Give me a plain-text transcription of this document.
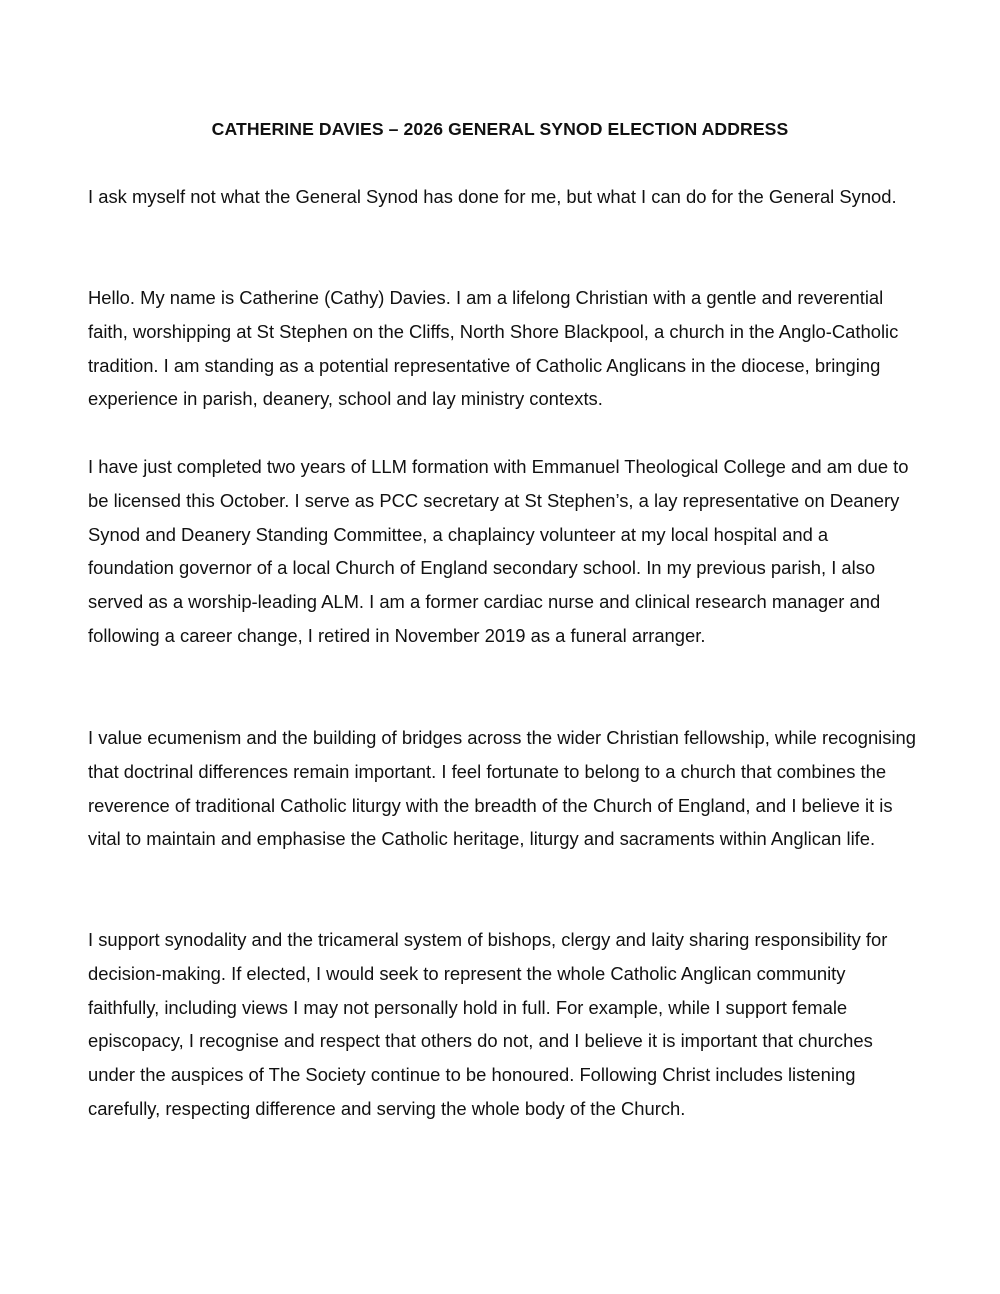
CATHERINE DAVIES – 2026 GENERAL SYNOD ELECTION ADDRESS

I ask myself not what the General Synod has done for me, but what I can do for the General Synod.

Hello. My name is Catherine (Cathy) Davies. I am a lifelong Christian with a gentle and reverential faith, worshipping at St Stephen on the Cliffs, North Shore Blackpool, a church in the Anglo-Catholic tradition. I am standing as a potential representative of Catholic Anglicans in the diocese, bringing experience in parish, deanery, school and lay ministry contexts.

I have just completed two years of LLM formation with Emmanuel Theological College and am due to be licensed this October. I serve as PCC secretary at St Stephen’s, a lay representative on Deanery Synod and Deanery Standing Committee, a chaplaincy volunteer at my local hospital and a foundation governor of a local Church of England secondary school. In my previous parish, I also served as a worship-leading ALM. I am a former cardiac nurse and clinical research manager and following a career change, I retired in November 2019 as a funeral arranger.

I value ecumenism and the building of bridges across the wider Christian fellowship, while recognising that doctrinal differences remain important. I feel fortunate to belong to a church that combines the reverence of traditional Catholic liturgy with the breadth of the Church of England, and I believe it is vital to maintain and emphasise the Catholic heritage, liturgy and sacraments within Anglican life.

I support synodality and the tricameral system of bishops, clergy and laity sharing responsibility for decision-making. If elected, I would seek to represent the whole Catholic Anglican community faithfully, including views I may not personally hold in full. For example, while I support female episcopacy, I recognise and respect that others do not, and I believe it is important that churches under the auspices of The Society continue to be honoured. Following Christ includes listening carefully, respecting difference and serving the whole body of the Church.
